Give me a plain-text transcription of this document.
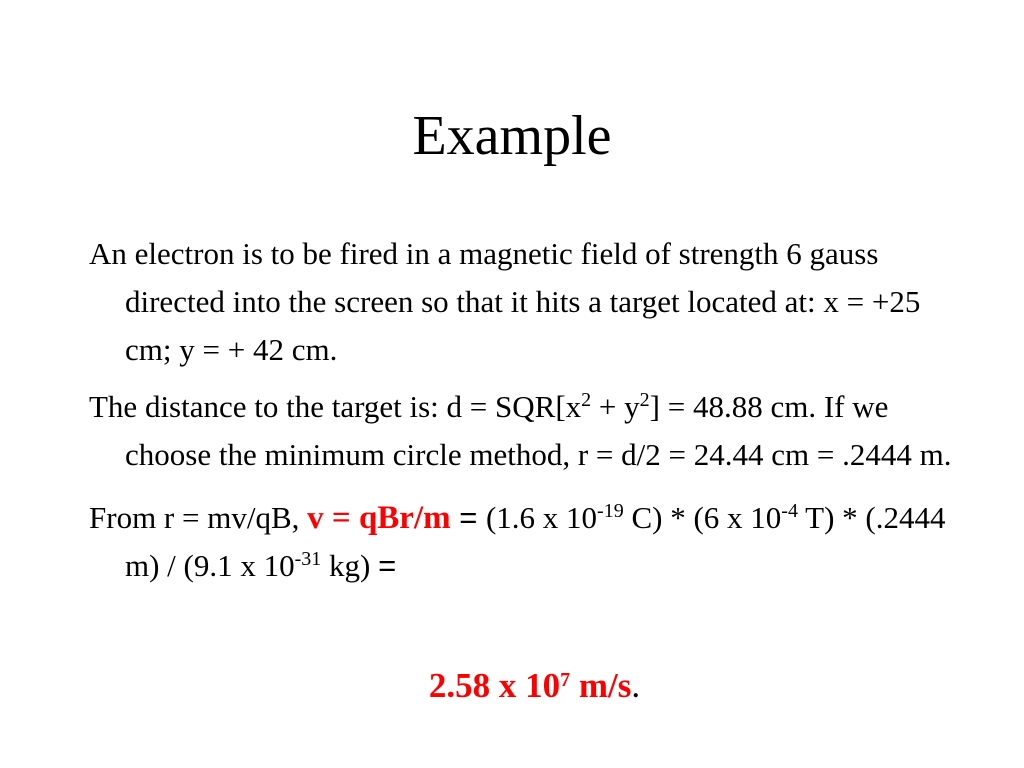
Example

An electron is to be fired in a magnetic field of strength 6 gauss directed into the screen so that it hits a target located at: x = +25 cm; y = + 42 cm.

The distance to the target is: $d = SQR[x^2 + y^2] = 48.88$ cm. If we choose the minimum circle method, r = d/2 = 24.44 cm = .2444 m.

From r = mv/qB, v = qBr/m = (1.6 x $10^{-19}$ C) * (6 x $10^{-4}$ T) * (.2444 m) / (9.1 x $10^{-31}$ kg) =

2.58 x $10^7$ m/s.
